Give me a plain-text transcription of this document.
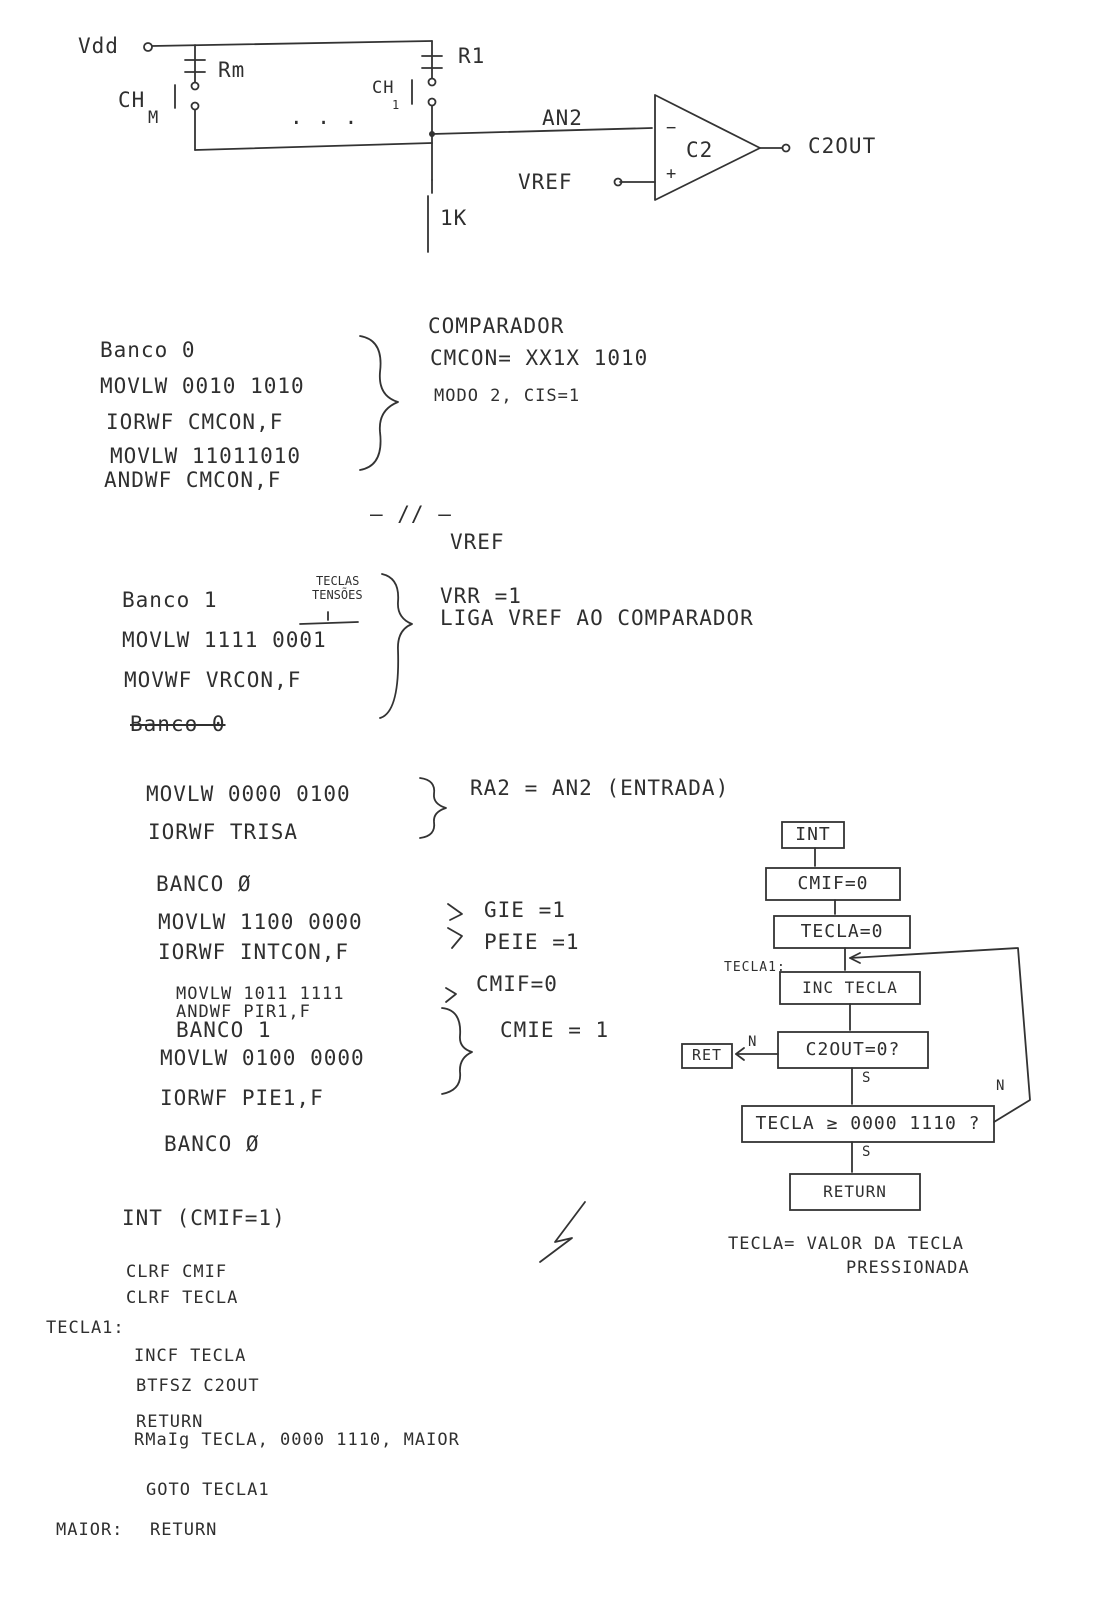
Vdd
Rm
R1
CH
M
CH
1
. . .	AN2
VREF
C2
−
+
C2OUT
1K
Banco 0
MOVLW 0010 1010
IORWF CMCON,F
MOVLW 11011010
ANDWF CMCON,F
COMPARADOR
CMCON= XX1X 1010
MODO 2, CIS=1
— // —
VREF
Banco 1
TECLAS
TENSÕES
MOVLW 1111 0001
MOVWF VRCON,F
Banco 0
VRR =1
LIGA VREF AO COMPARADOR
MOVLW 0000 0100
IORWF TRISA
RA2 = AN2 (ENTRADA)
BANCO Ø
MOVLW 1100 0000
IORWF INTCON,F
GIE =1
PEIE =1
MOVLW 1011 1111
ANDWF PIR1,F
CMIF=0
BANCO 1
MOVLW 0100 0000
IORWF PIE1,F
CMIE = 1
BANCO Ø
INT (CMIF=1)
CLRF CMIF
CLRF TECLA
TECLA1:
INCF TECLA
BTFSZ C2OUT
RETURN
RMaIg TECLA, 0000 1110, MAIOR
GOTO TECLA1
MAIOR: RETURN
INT
CMIF=0
TECLA=0
TECLA1:
INC TECLA
C2OUT=0?
RET
N
S
TECLA ≥ 0000 1110 ?
N
S
RETURN
TECLA= VALOR DA TECLA
PRESSIONADA
